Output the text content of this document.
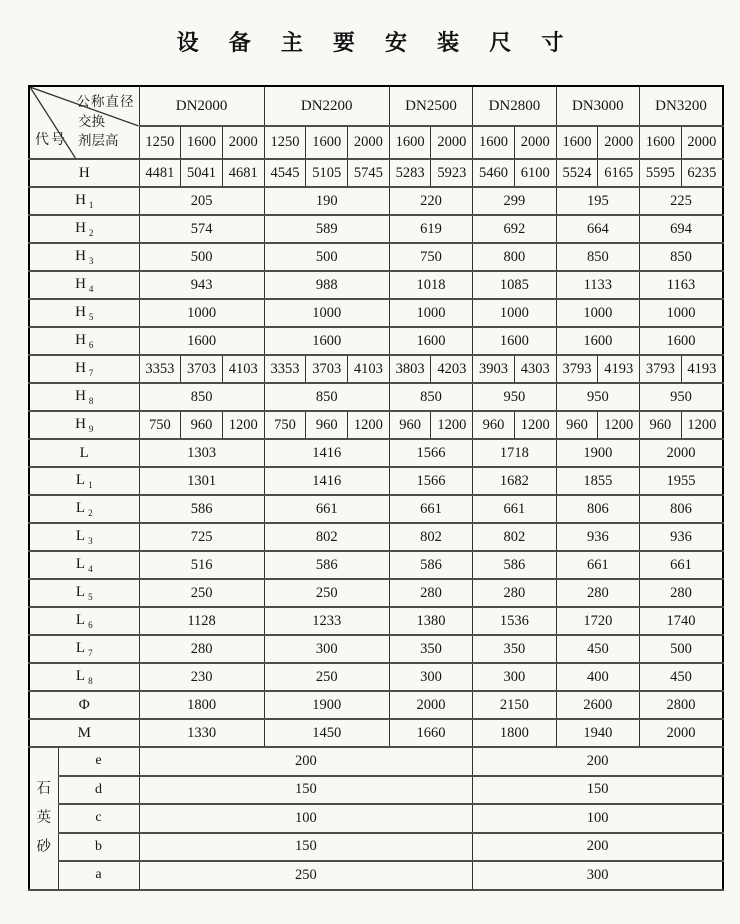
设 备 主 要 安 装 尺 寸
公称直径
交换
剂层高
代号		DN2000			DN2200			DN2500		DN2800		DN3000		DN3200	
		1250	1600	2000	1250	1600	2000	1600	2000	1600	2000	1600	2000	1600	2000
H		4481	5041	4681	4545	5105	5745	5283	5923	5460	6100	5524	6165	5595	6235
H $_1$		205			190			220		299		195		225	
H $_2$		574			589			619		692		664		694	
H $_3$		500			500			750		800		850		850	
H $_4$		943			988			1018		1085		1133		1163	
H $_5$		1000			1000			1000		1000		1000		1000	
H $_6$		1600			1600			1600		1600		1600		1600	
H $_7$		3353	3703	4103	3353	3703	4103	3803	4203	3903	4303	3793	4193	3793	4193
H $_8$		850			850			850		950		950		950	
H $_9$		750	960	1200	750	960	1200	960	1200	960	1200	960	1200	960	1200
L		1303			1416			1566		1718		1900		2000	
L $_1$		1301			1416			1566		1682		1855		1955	
L $_2$		586			661			661		661		806		806	
L $_3$		725			802			802		802		936		936	
L $_4$		516			586			586		586		661		661	
L $_5$		250			250			280		280		280		280	
L $_6$		1128			1233			1380		1536		1720		1740	
L $_7$		280			300			350		350		450		500	
L $_8$		230			250			300		300		400		450	
Φ		1800			1900			2000		2150		2600		2800	
M		1330			1450			1660		1800		1940		2000	

石
英
砂	e	200								200					
	d	150								150					
	c	100								100					
	b	150								200					
	a	250								300					
